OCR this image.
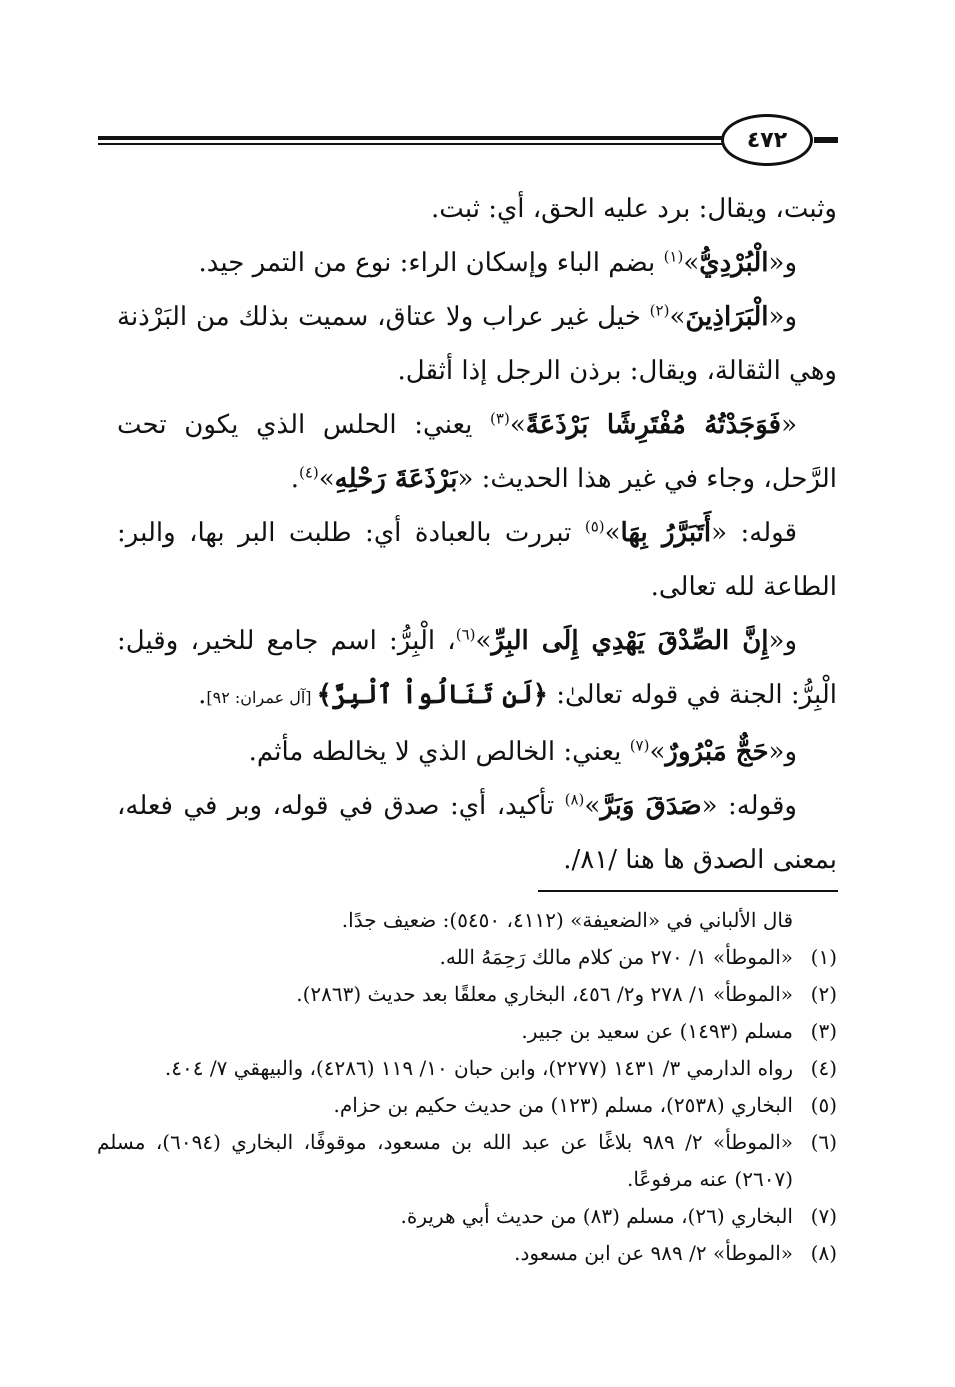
٤٧٢

وثبت، ويقال: برد عليه الحق، أي: ثبت.

و«الْبُرْدِيُّ»$^{(١)}$ بضم الباء وإسكان الراء: نوع من التمر جيد.

و«الْبَرَاذِينَ»$^{(٢)}$ خيل غير عراب ولا عتاق، سميت بذلك من البَرْذنة وهي الثقالة، ويقال: برذن الرجل إذا أثقل.

«فَوَجَدْتُهُ مُفْتَرِشًا بَرْذَعَةً»$^{(٣)}$ يعني: الحلس الذي يكون تحت الرَّحل، وجاء في غير هذا الحديث: «بَرْذَعَةَ رَحْلِهِ»$^{(٤)}$.

قوله: «أَتَبَرَّرُ بِهَا»$^{(٥)}$ تبررت بالعبادة أي: طلبت البر بها، والبر: الطاعة لله تعالى.

و«إِنَّ الصِّدْقَ يَهْدِي إِلَى البِرِّ»$^{(٦)}$، الْبِرُّ: اسم جامع للخير، وقيل: الْبِرُّ: الجنة في قوله تعالىٰ: ﴿لَن تَنَالُواْ ٱلْبِرَّ﴾ [آل عمران: ٩٢].

و«حَجٌّ مَبْرُورٌ»$^{(٧)}$ يعني: الخالص الذي لا يخالطه مأثم.

وقوله: «صَدَقَ وَبَرَّ»$^{(٨)}$ تأكيد، أي: صدق في قوله، وبر في فعله، بمعنى الصدق ها هنا /٨١/.

قال الألباني في «الضعيفة» (٤١١٢، ٥٤٥٠): ضعيف جدًا.

(١)
«الموطأ» ١/ ٢٧٠ من كلام مالك رَحِمَهُ الله.
(٢)
«الموطأ» ١/ ٢٧٨ و٢/ ٤٥٦، البخاري معلقًا بعد حديث (٢٨٦٣).
(٣)
مسلم (١٤٩٣) عن سعيد بن جبير.
(٤)
رواه الدارمي ٣/ ١٤٣١ (٢٢٧٧)، وابن حبان ١٠/ ١١٩ (٤٢٨٦)، والبيهقي ٧/ ٤٠٤.
(٥)
البخاري (٢٥٣٨)، مسلم (١٢٣) من حديث حكيم بن حزام.
(٦)
«الموطأ» ٢/ ٩٨٩ بلاغًا عن عبد الله بن مسعود، موقوفًا، البخاري (٦٠٩٤)، مسلم (٢٦٠٧) عنه مرفوعًا.
(٧)
البخاري (٢٦)، مسلم (٨٣) من حديث أبي هريرة.
(٨)
«الموطأ» ٢/ ٩٨٩ عن ابن مسعود.
